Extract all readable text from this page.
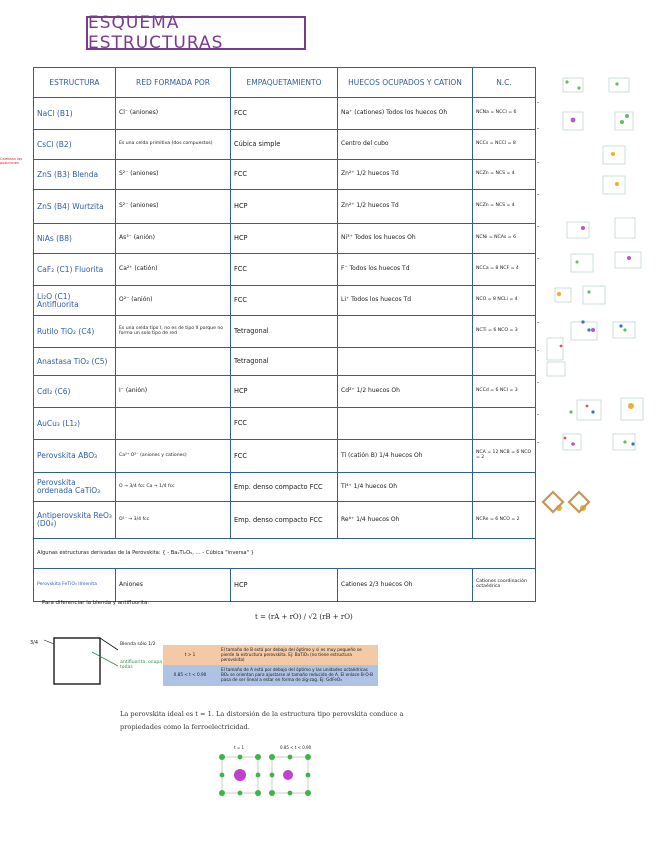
ESQUEMA ESTRUCTURAS
Cambian las posiciones
ESTRUCTURA	RED FORMADA POR	EMPAQUETAMIENTO	HUECOS OCUPADOS Y CATION	N.C.
NaCl (B1)	Cl⁻ (aniones)	FCC	Na⁺ (cationes) Todos los huecos Oh	NCNa = NCCl = 6
CsCl (B2)	Es una celda primitiva (dos compuestos)	Cúbica simple	Centro del cubo	NCCs = NCCl = 8
ZnS (B3) Blenda	S²⁻ (aniones)	FCC	Zn²⁺ 1/2 huecos Td	NCZn = NCS = 4
ZnS (B4) Wurtzita	S²⁻ (aniones)	HCP	Zn²⁺ 1/2 huecos Td	NCZn = NCS = 4
NiAs (B8)	As³⁻ (anión)	HCP	Ni³⁺ Todos los huecos Oh	NCNi = NCAs = 6
CaF₂ (C1) Fluorita	Ca²⁺ (catión)	FCC	F⁻ Todos los huecos Td	NCCa = 8 NCF = 4
Li₂O (C1) Antifluorita	O²⁻ (anión)	FCC	Li⁺ Todos los huecos Td	NCO = 8 NCLi = 4
Rutilo TiO₂ (C4)	Es una celda tipo I, no es de tipo II porque no forma un solo tipo de red	Tetragonal		NCTi = 6 NCO = 3
Anastasa TiO₂ (C5)		Tetragonal		
CdI₂ (C6)	I⁻ (anión)	HCP	Cd²⁺ 1/2 huecos Oh	NCCd = 6 NCI = 3
AuCu₃ (L1₂)		FCC		
Perovskita ABO₃	Ca²⁺ O²⁻ (aniones y cationes)	FCC	Ti (catión B) 1/4 huecos Oh	NCA = 12 NCB = 6 NCO = 2
Perovskita ordenada CaTiO₃	O → 3/4 fcc Ca → 1/4 fcc	Emp. denso compacto FCC	Ti⁴⁺ 1/4 huecos Oh	
Antiperovskita ReO₃ (D0₉)	O²⁻ → 3/4 fcc	Emp. denso compacto FCC	Re⁶⁺ 1/4 huecos Oh	NCRe = 6 NCO = 2
Algunas estructuras derivadas de la Perovskita: { - Ba₂Ti₂O₅, … - Cúbica "inversa" }				
Perovskita FeTiO₃ Ilmenita	Aniones	HCP	Cationes 2/3 huecos Oh	Cationes coordinación octaédrica
•
•
•
•
•
•
•
•
•
•
•
Para diferenciar la blenda y antifluorita:
3/4	Blenda sólo 1/2
antifluorita, ocupa todas
t = (rA + rO) / √2 (rB + rO)
t > 1	El tamaño de B está por debajo del óptimo y si es muy pequeño se pierde la estructura perovskita. Ej: BaTiO₃ (no tiene estructura perovskita)
0.85 < t < 0.90	El tamaño de A está por debajo del óptimo y las unidades octaédricas BO₆ se orientan para ajustarse al tamaño reducido de A. El enlace B-O-B pasa de ser lineal a estar en forma de zig-zag. Ej: GdFeO₃
La perovskita ideal es t = 1. La distorsión de la estructura tipo perovskita conduce a propiedades como la ferroelectricidad.
t = 1	0.85 < t < 0.90
